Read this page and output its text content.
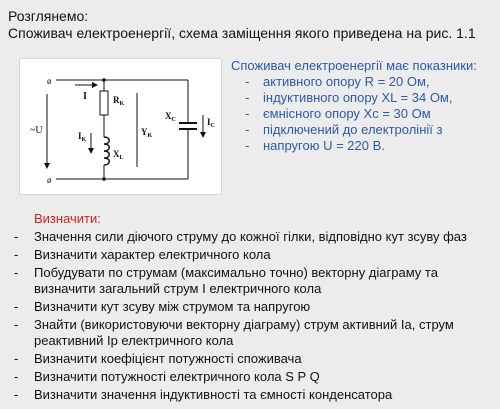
Розглянемо:
Споживач електроенергії, схема заміщення якого приведена на рис. 1.1
ø
ø
~U
I	$R_K$
$X_L$
$I_K$
$Y_K$
$X_C$	$I_C$
Споживач електроенергії має показники:
- активного опору R = 20 Ом,
- індуктивного опору XL = 34 Ом,
- ємнісного опору Xc = 30 Ом
- підключений до електролінії з
- напругою U = 220 В.
Визначити:
- Значення сили діючого струму до кожної гілки, відповідно кут зсуву фаз
- Визначити характер електричного кола
- Побудувати по струмам (максимально точно) векторну діаграму та визначити загальний струм I електричного кола
- Визначити кут зсуву між струмом та напругою
- Знайти (використовуючи векторну діаграму) струм активний Ia, струм реактивний Ip електричного кола
- Визначити коефіцієнт потужності споживача
- Визначити потужності електричного кола S P Q
- Визначити значення індуктивності та ємності конденсатора
